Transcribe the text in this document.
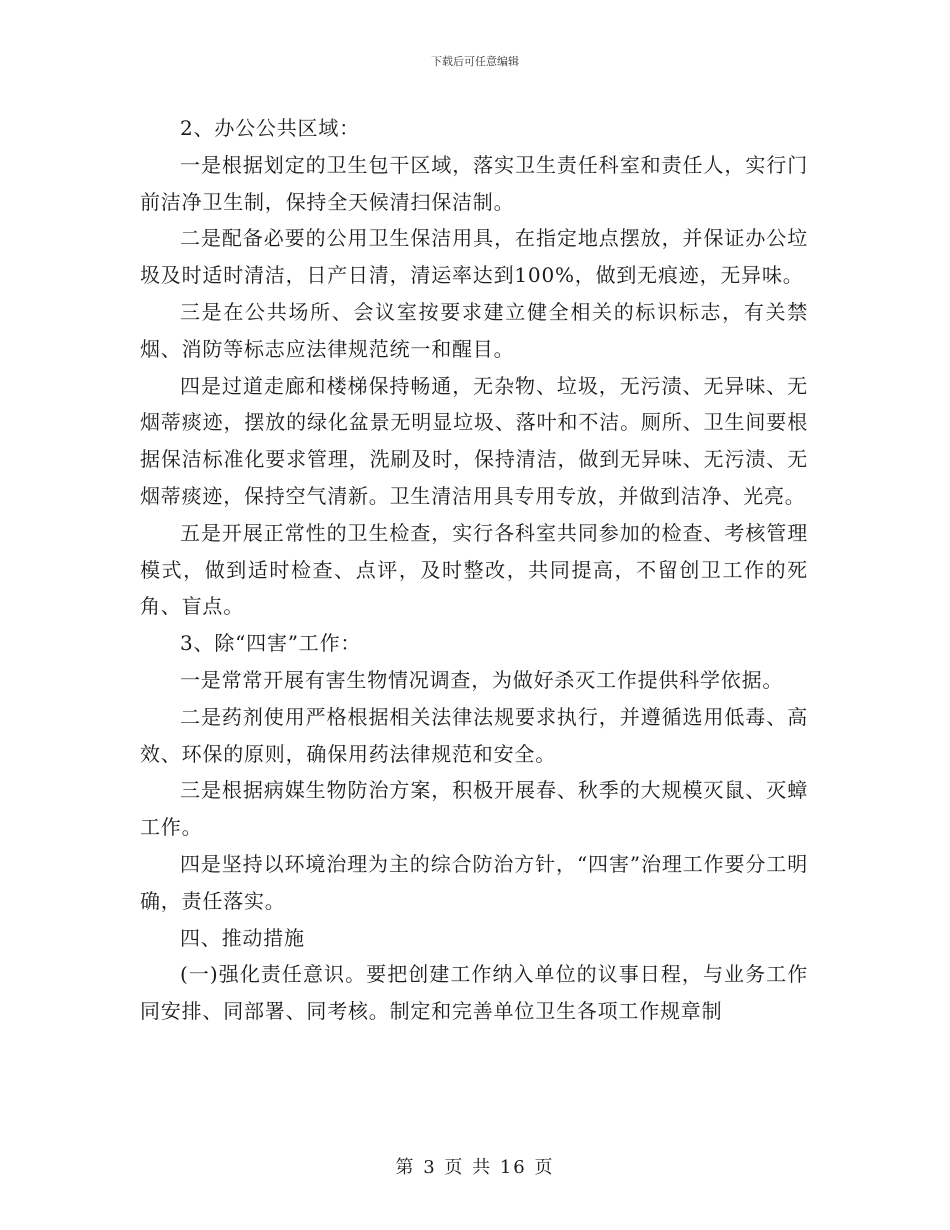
下载后可任意编辑

2、办公公共区域：

一是根据划定的卫生包干区域，落实卫生责任科室和责任人，实行门前洁净卫生制，保持全天候清扫保洁制。

二是配备必要的公用卫生保洁用具，在指定地点摆放，并保证办公垃圾及时适时清洁，日产日清，清运率达到100%，做到无痕迹，无异味。

三是在公共场所、会议室按要求建立健全相关的标识标志，有关禁烟、消防等标志应法律规范统一和醒目。

四是过道走廊和楼梯保持畅通，无杂物、垃圾，无污渍、无异味、无烟蒂痰迹，摆放的绿化盆景无明显垃圾、落叶和不洁。厕所、卫生间要根据保洁标准化要求管理，洗刷及时，保持清洁，做到无异味、无污渍、无烟蒂痰迹，保持空气清新。卫生清洁用具专用专放，并做到洁净、光亮。

五是开展正常性的卫生检查，实行各科室共同参加的检查、考核管理模式，做到适时检查、点评，及时整改，共同提高，不留创卫工作的死角、盲点。

3、除“四害”工作：

一是常常开展有害生物情况调查，为做好杀灭工作提供科学依据。

二是药剂使用严格根据相关法律法规要求执行，并遵循选用低毒、高效、环保的原则，确保用药法律规范和安全。

三是根据病媒生物防治方案，积极开展春、秋季的大规模灭鼠、灭蟑工作。

四是坚持以环境治理为主的综合防治方针，“四害”治理工作要分工明确，责任落实。

四、推动措施

(一)强化责任意识。要把创建工作纳入单位的议事日程，与业务工作同安排、同部署、同考核。制定和完善单位卫生各项工作规章制

第 3 页 共 16 页
